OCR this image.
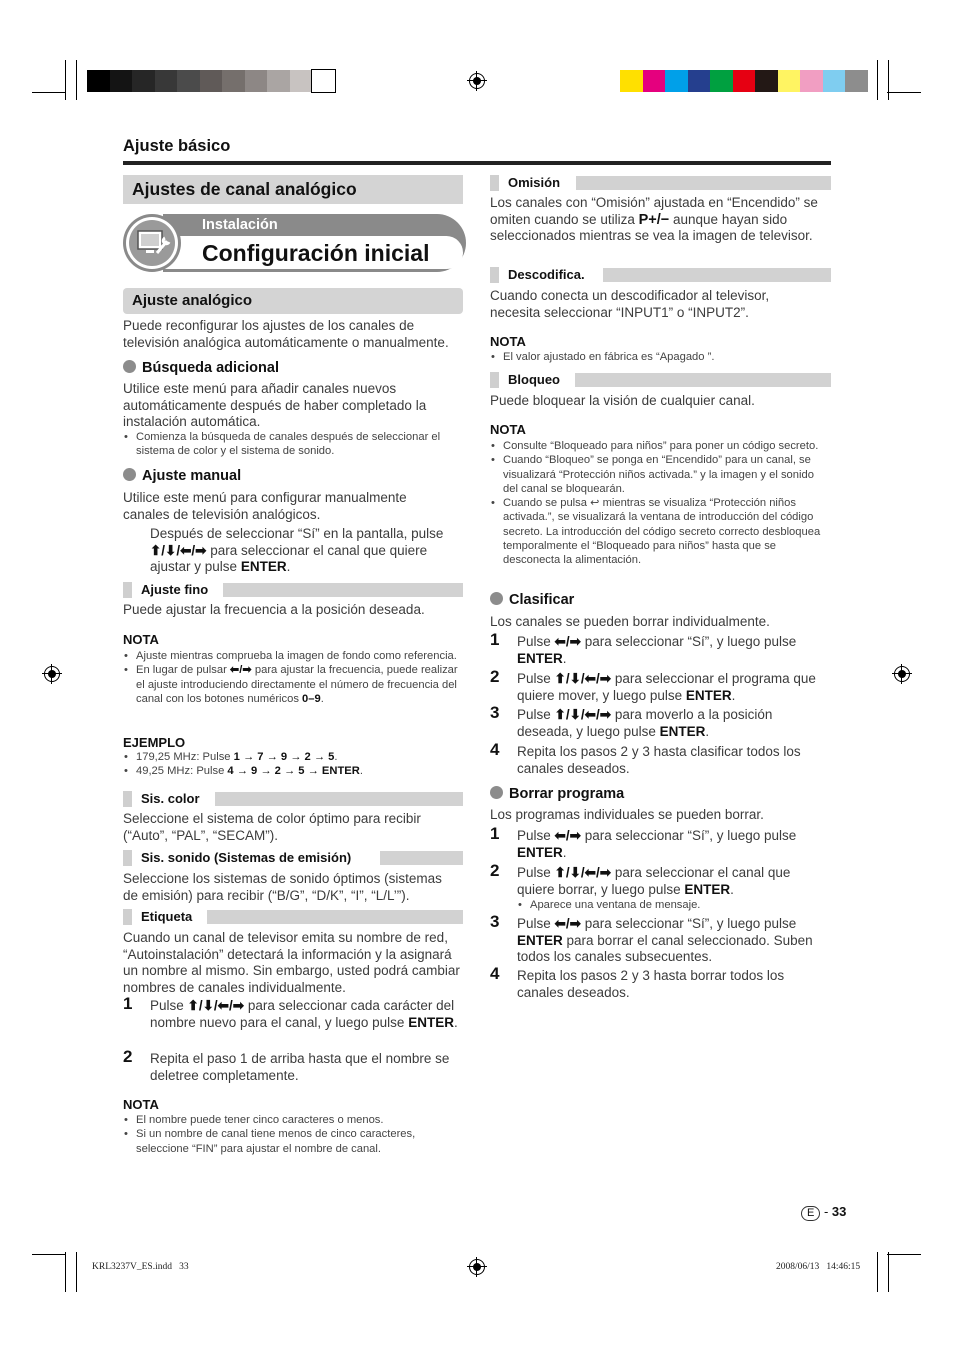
Ajuste básico
Ajustes de canal analógico
Instalación
Configuración inicial
Ajuste analógico
Puede reconfigurar los ajustes de los canales de televisión analógica automáticamente o manualmente.
Búsqueda adicional
Utilice este menú para añadir canales nuevos automáticamente después de haber completado la instalación automática.
• Comienza la búsqueda de canales después de seleccionar el sistema de color y el sistema de sonido.
Ajuste manual
Utilice este menú para configurar manualmente canales de televisión analógicos.
Después de seleccionar “Sí” en la pantalla, pulse ⬆/⬇/⬅/➡ para seleccionar el canal que quiere ajustar y pulse ENTER.
Ajuste fino
Puede ajustar la frecuencia a la posición deseada.
NOTA
• Ajuste mientras comprueba la imagen de fondo como referencia.
• En lugar de pulsar ⬅/➡ para ajustar la frecuencia, puede realizar el ajuste introduciendo directamente el número de frecuencia del canal con los botones numéricos 0–9.
EJEMPLO
• 179,25 MHz: Pulse 1 → 7 → 9 → 2 → 5.
• 49,25 MHz: Pulse 4 → 9 → 2 → 5 → ENTER.
Sis. color
Seleccione el sistema de color óptimo para recibir (“Auto”, “PAL”, “SECAM”).
Sis. sonido (Sistemas de emisión)
Seleccione los sistemas de sonido óptimos (sistemas de emisión) para recibir (“B/G”, “D/K”, “I”, “L/L’”).
Etiqueta
Cuando un canal de televisor emita su nombre de red, “Autoinstalación” detectará la información y la asignará un nombre al mismo. Sin embargo, usted podrá cambiar nombres de canales individualmente.
1 Pulse ⬆/⬇/⬅/➡ para seleccionar cada carácter del nombre nuevo para el canal, y luego pulse ENTER.
2 Repita el paso 1 de arriba hasta que el nombre se deletree completamente.
NOTA
• El nombre puede tener cinco caracteres o menos.
• Si un nombre de canal tiene menos de cinco caracteres, seleccione “FIN” para ajustar el nombre de canal.
Omisión
Los canales con “Omisión” ajustada en “Encendido” se omiten cuando se utiliza P+/− aunque hayan sido seleccionados mientras se vea la imagen de televisor.
Descodifica.
Cuando conecta un descodificador al televisor, necesita seleccionar “INPUT1” o “INPUT2”.
NOTA
• El valor ajustado en fábrica es “Apagado ”.
Bloqueo
Puede bloquear la visión de cualquier canal.
NOTA
• Consulte “Bloqueado para niños” para poner un código secreto.
• Cuando “Bloqueo” se ponga en “Encendido” para un canal, se visualizará “Protección niños activada.” y la imagen y el sonido del canal se bloquearán.
• Cuando se pulsa ↩ mientras se visualiza “Protección niños activada.”, se visualizará la ventana de introducción del código secreto. La introducción del código secreto correcto desbloquea temporalmente el “Bloqueado para niños” hasta que se desconecta la alimentación.
Clasificar
Los canales se pueden borrar individualmente.
1 Pulse ⬅/➡ para seleccionar “Sí”, y luego pulse ENTER.
2 Pulse ⬆/⬇/⬅/➡ para seleccionar el programa que quiere mover, y luego pulse ENTER.
3 Pulse ⬆/⬇/⬅/➡ para moverlo a la posición deseada, y luego pulse ENTER.
4 Repita los pasos 2 y 3 hasta clasificar todos los canales deseados.
Borrar programa
Los programas individuales se pueden borrar.
1 Pulse ⬅/➡ para seleccionar “Sí”, y luego pulse ENTER.
2 Pulse ⬆/⬇/⬅/➡ para seleccionar el canal que quiere borrar, y luego pulse ENTER.
• Aparece una ventana de mensaje.
3 Pulse ⬅/➡ para seleccionar “Sí”, y luego pulse ENTER para borrar el canal seleccionado. Suben todos los canales subsecuentes.
4 Repita los pasos 2 y 3 hasta borrar todos los canales deseados.
E - 33
KRL3237V_ES.indd   33	2008/06/13   14:46:15
